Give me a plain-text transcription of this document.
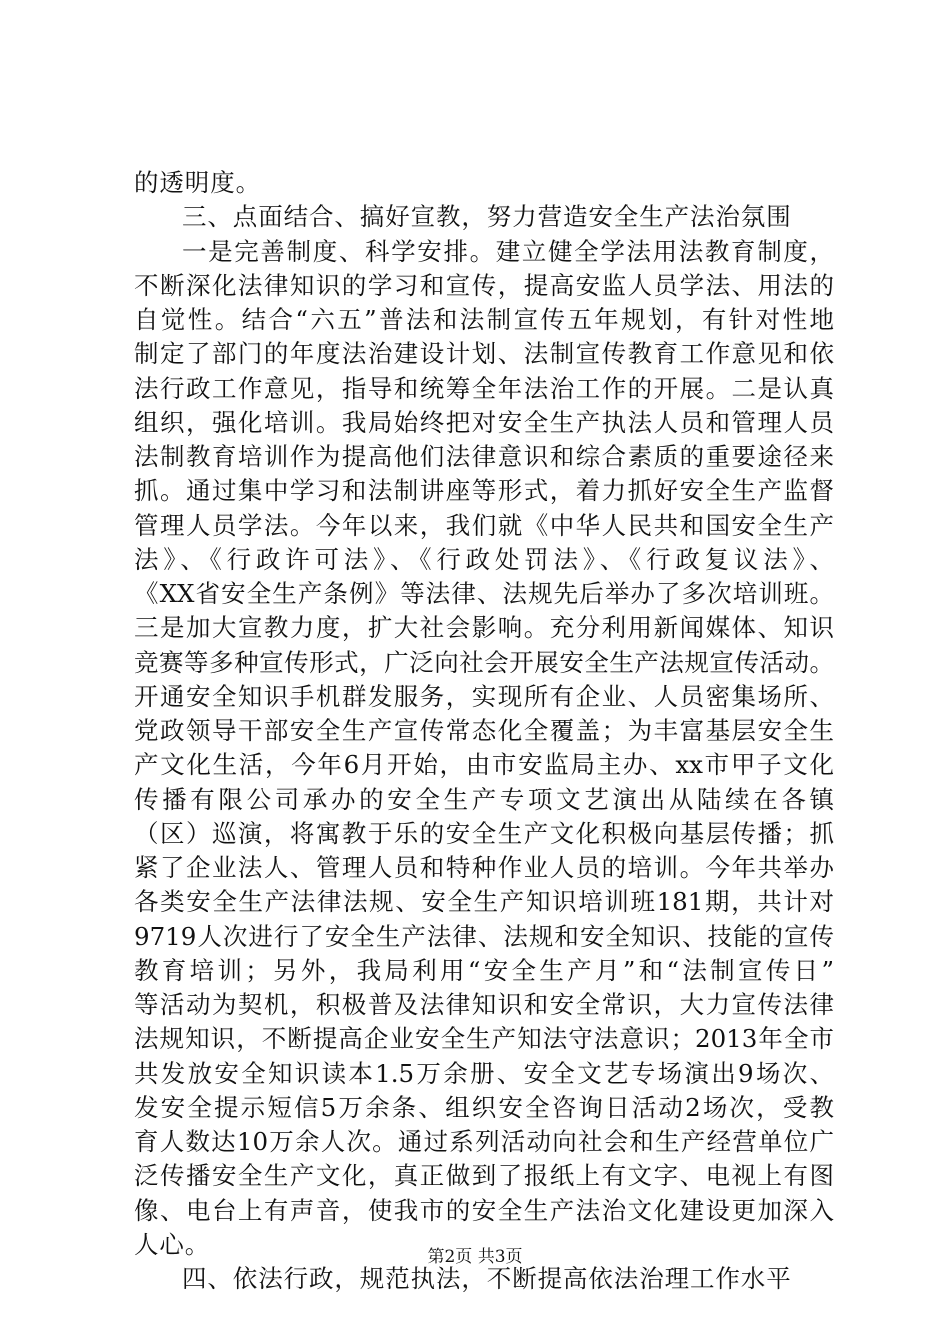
的透明度。
三、点面结合、搞好宣教，努力营造安全生产法治氛围
一是完善制度、科学安排。建立健全学法用法教育制度，
不断深化法律知识的学习和宣传，提高安监人员学法、用法的
自觉性。结合“六五”普法和法制宣传五年规划，有针对性地
制定了部门的年度法治建设计划、法制宣传教育工作意见和依
法行政工作意见，指导和统筹全年法治工作的开展。二是认真
组织，强化培训。我局始终把对安全生产执法人员和管理人员
法制教育培训作为提高他们法律意识和综合素质的重要途径来
抓。通过集中学习和法制讲座等形式，着力抓好安全生产监督
管理人员学法。今年以来，我们就《中华人民共和国安全生产
法》、《行政许可法》、《行政处罚法》、《行政复议法》、
《XX省安全生产条例》等法律、法规先后举办了多次培训班。
三是加大宣教力度，扩大社会影响。充分利用新闻媒体、知识
竞赛等多种宣传形式，广泛向社会开展安全生产法规宣传活动。
开通安全知识手机群发服务，实现所有企业、人员密集场所、
党政领导干部安全生产宣传常态化全覆盖；为丰富基层安全生
产文化生活，今年6月开始，由市安监局主办、xx市甲子文化
传播有限公司承办的安全生产专项文艺演出从陆续在各镇
（区）巡演，将寓教于乐的安全生产文化积极向基层传播；抓
紧了企业法人、管理人员和特种作业人员的培训。今年共举办
各类安全生产法律法规、安全生产知识培训班181期，共计对
9719人次进行了安全生产法律、法规和安全知识、技能的宣传
教育培训；另外，我局利用“安全生产月”和“法制宣传日”
等活动为契机，积极普及法律知识和安全常识，大力宣传法律
法规知识，不断提高企业安全生产知法守法意识；2013年全市
共发放安全知识读本1.5万余册、安全文艺专场演出9场次、
发安全提示短信5万余条、组织安全咨询日活动2场次，受教
育人数达10万余人次。通过系列活动向社会和生产经营单位广
泛传播安全生产文化，真正做到了报纸上有文字、电视上有图
像、电台上有声音，使我市的安全生产法治文化建设更加深入
人心。
四、依法行政，规范执法，不断提高依法治理工作水平
第2页 共3页
